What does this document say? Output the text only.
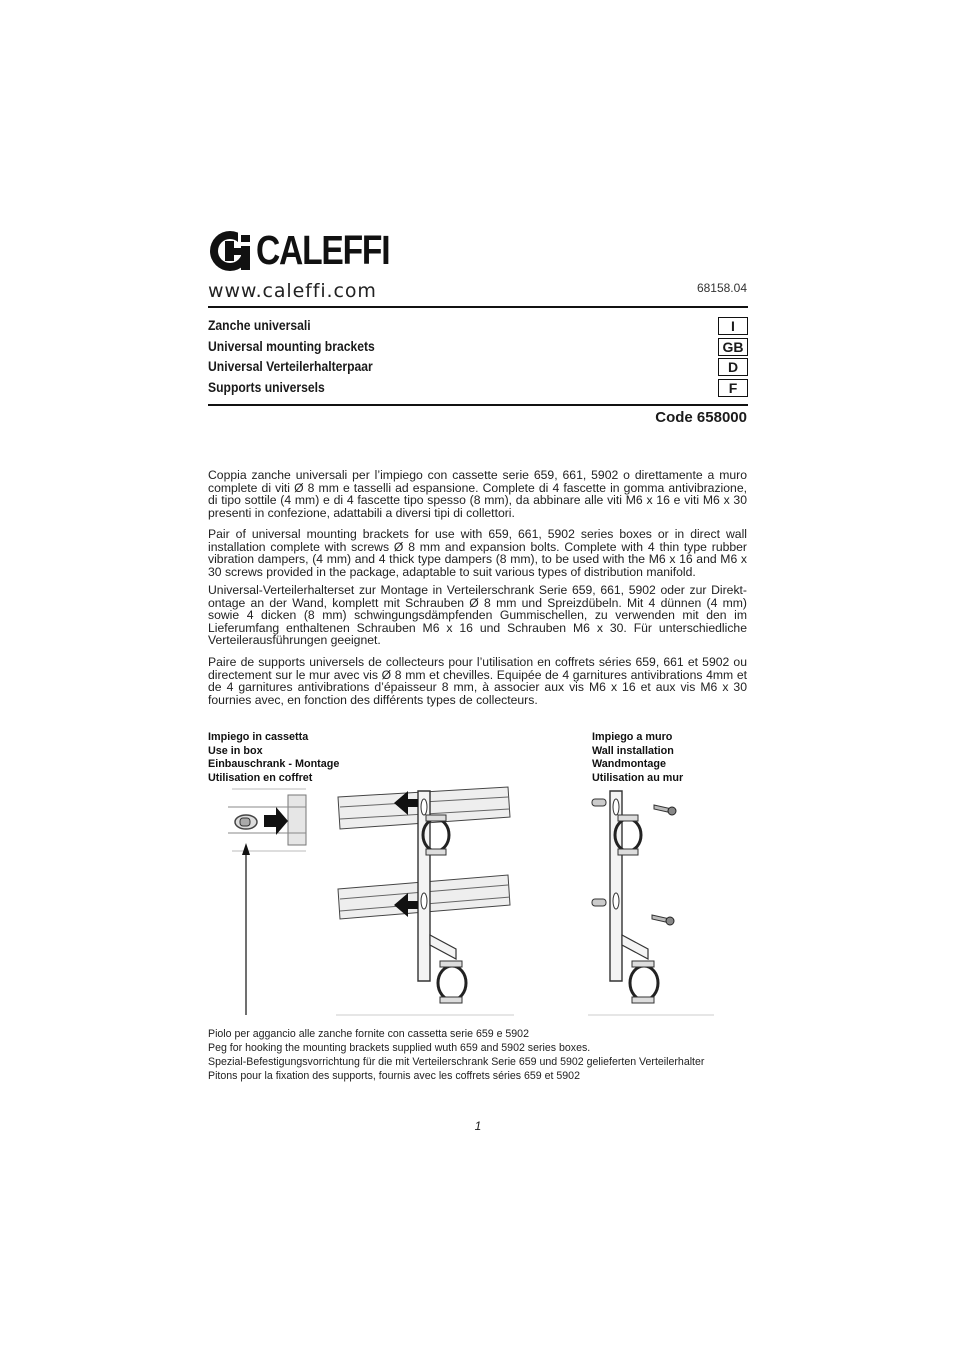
CALEFFI
www.caleffi.com	68158.04
Zanche universali	I
Universal mounting brackets	GB
Universal Verteilerhalterpaar	D
Supports universels	F
Code 658000

Coppia zanche universali per l’impiego con cassette serie 659, 661, 5902 o direttamente a muro complete di viti Ø 8 mm e tasselli ad espansione. Complete di 4 fascette in gomma antivibrazione, di tipo sottile (4 mm) e di 4 fascette tipo spesso (8 mm), da abbinare alle viti M6 x 16 e viti M6 x 30 presenti in confezione, adattabili a diversi tipi di collettori.

Pair of universal mounting brackets for use with 659, 661, 5902 series boxes or in direct wall installation complete with screws Ø 8 mm and expansion bolts. Complete with 4 thin type rubber vibration dampers, (4 mm) and 4 thick type dampers (8 mm), to be used with the M6 x 16 and M6 x 30 screws provided in the package, adaptable to suit various types of distribution manifold.

Universal-Verteilerhalterset zur Montage in Verteilerschrank Serie 659, 661, 5902 oder zur Direkt-ontage an der Wand, komplett mit Schrauben Ø 8 mm und Spreizdübeln. Mit 4 dünnen (4 mm) sowie 4 dicken (8 mm) schwingungsdämpfenden Gummischellen, zu verwenden mit den im Lieferumfang enthaltenen Schrauben M6 x 16 und Schrauben M6 x 30. Für unterschiedliche Verteilerausführungen geeignet.

Paire de supports universels de collecteurs pour l’utilisation en coffrets séries 659, 661 et 5902 ou directement sur le mur avec vis Ø 8 mm et chevilles. Equipée de 4 garnitures antivibrations 4mm et de 4 garnitures antivibrations d’épaisseur 8 mm, à associer aux vis M6 x 16 et aux vis M6 x 30 fournies avec, en fonction des différents types de collecteurs.

Impiego in cassetta
Use in box
Einbauschrank - Montage
Utilisation en coffret
Impiego a muro
Wall installation
Wandmontage
Utilisation au mur
Piolo per aggancio alle zanche fornite con cassetta serie 659 e 5902
Peg for hooking the mounting brackets supplied wuth 659 and 5902 series boxes.
Spezial-Befestigungsvorrichtung für die mit Verteilerschrank Serie 659 und 5902 gelieferten Verteilerhalter
Pitons pour la fixation des supports, fournis avec les coffrets séries 659 et 5902
1
